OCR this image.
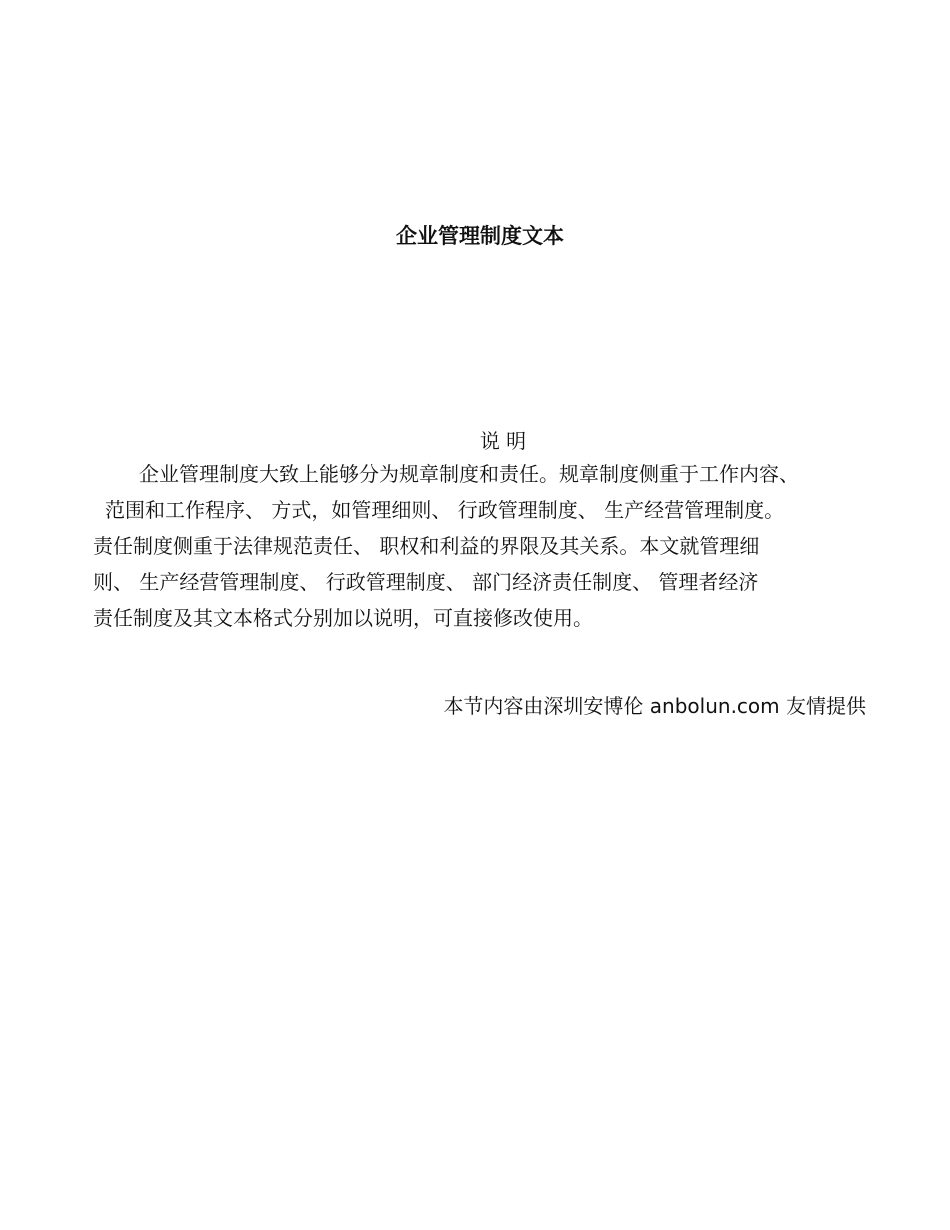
企业管理制度文本
说 明
企业管理制度大致上能够分为规章制度和责任。规章制度侧重于工作内容、
范围和工作程序、 方式，如管理细则、 行政管理制度、 生产经营管理制度。
责任制度侧重于法律规范责任、 职权和利益的界限及其关系。本文就管理细
则、 生产经营管理制度、 行政管理制度、 部门经济责任制度、 管理者经济
责任制度及其文本格式分别加以说明，可直接修改使用。
本节内容由深圳安博伦 anbolun.com 友情提供
